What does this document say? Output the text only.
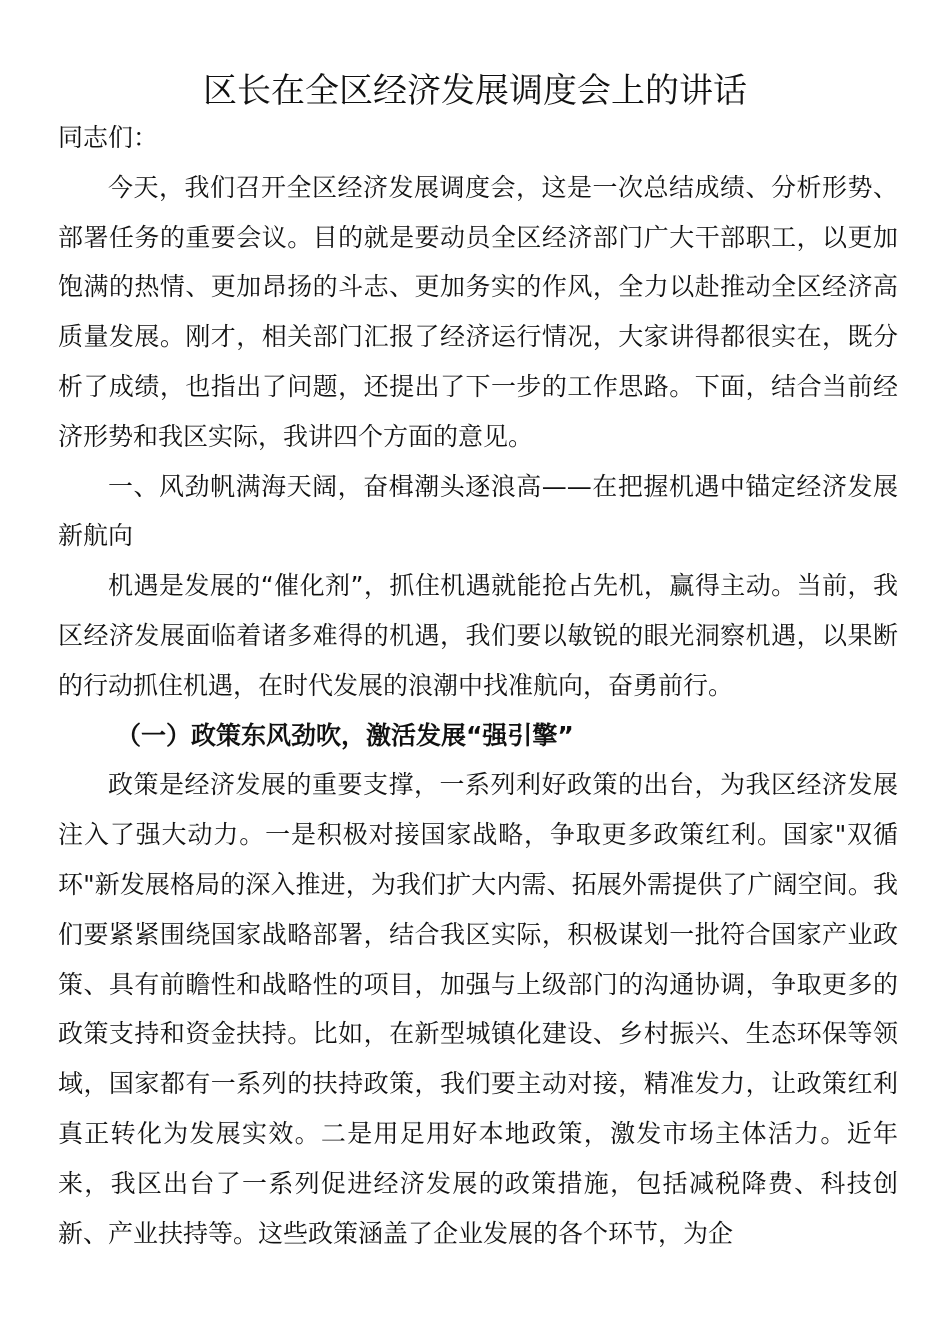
区长在全区经济发展调度会上的讲话

同志们：

今天，我们召开全区经济发展调度会，这是一次总结成绩、分析形势、部署任务的重要会议。目的就是要动员全区经济部门广大干部职工，以更加饱满的热情、更加昂扬的斗志、更加务实的作风，全力以赴推动全区经济高质量发展。刚才，相关部门汇报了经济运行情况，大家讲得都很实在，既分析了成绩，也指出了问题，还提出了下一步的工作思路。下面，结合当前经济形势和我区实际，我讲四个方面的意见。

一、风劲帆满海天阔，奋楫潮头逐浪高——在把握机遇中锚定经济发展新航向

机遇是发展的“催化剂”，抓住机遇就能抢占先机，赢得主动。当前，我区经济发展面临着诸多难得的机遇，我们要以敏锐的眼光洞察机遇，以果断的行动抓住机遇，在时代发展的浪潮中找准航向，奋勇前行。

（一）政策东风劲吹，激活发展“强引擎”

政策是经济发展的重要支撑，一系列利好政策的出台，为我区经济发展注入了强大动力。一是积极对接国家战略，争取更多政策红利。国家"双循环"新发展格局的深入推进，为我们扩大内需、拓展外需提供了广阔空间。我们要紧紧围绕国家战略部署，结合我区实际，积极谋划一批符合国家产业政策、具有前瞻性和战略性的项目，加强与上级部门的沟通协调，争取更多的政策支持和资金扶持。比如，在新型城镇化建设、乡村振兴、生态环保等领域，国家都有一系列的扶持政策，我们要主动对接，精准发力，让政策红利真正转化为发展实效。二是用足用好本地政策，激发市场主体活力。近年来，我区出台了一系列促进经济发展的政策措施，包括减税降费、科技创新、产业扶持等。这些政策涵盖了企业发展的各个环节，为企
